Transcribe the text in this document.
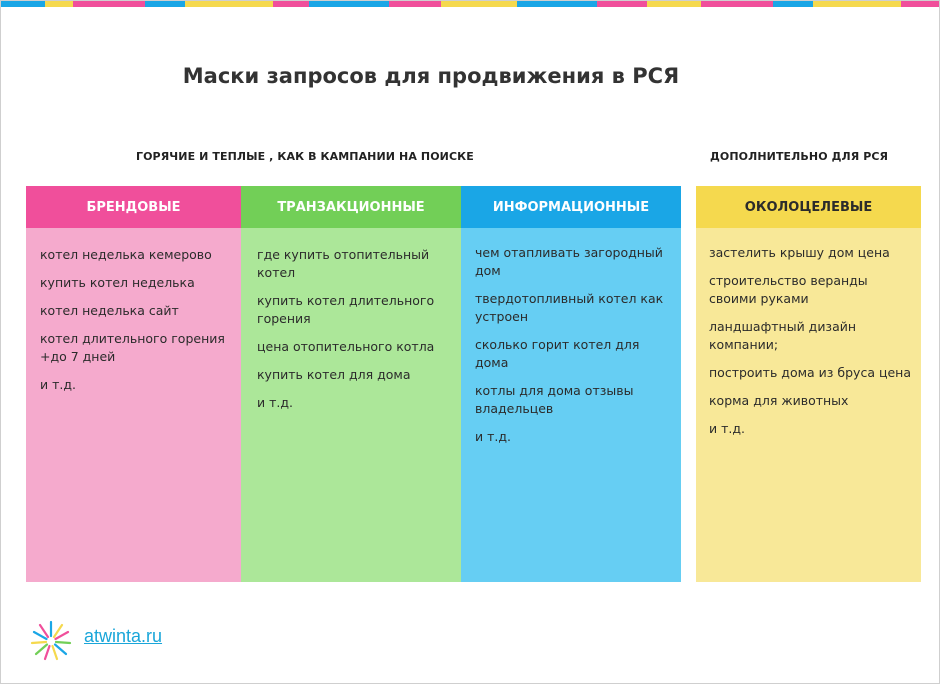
Маски запросов для продвижения в РСЯ
ГОРЯЧИЕ И ТЕПЛЫЕ , КАК В КАМПАНИИ НА ПОИСКЕ	ДОПОЛНИТЕЛЬНО ДЛЯ РСЯ
БРЕНДОВЫЕ
котел неделька кемерово
купить котел неделька
котел неделька сайт
котел длительного горения +до 7 дней
и т.д.
ТРАНЗАКЦИОННЫЕ
где купить отопительный котел
купить котел длительного горения
цена отопительного котла
купить котел для дома
и т.д.
ИНФОРМАЦИОННЫЕ
чем отапливать загородный дом
твердотопливный котел как устроен
сколько горит котел для дома
котлы для дома отзывы владельцев
и т.д.
ОКОЛОЦЕЛЕВЫЕ
застелить крышу дом цена
строительство веранды своими руками
ландшафтный дизайн компании;
построить дома из бруса цена
корма для животных
и т.д.
atwinta.ru
